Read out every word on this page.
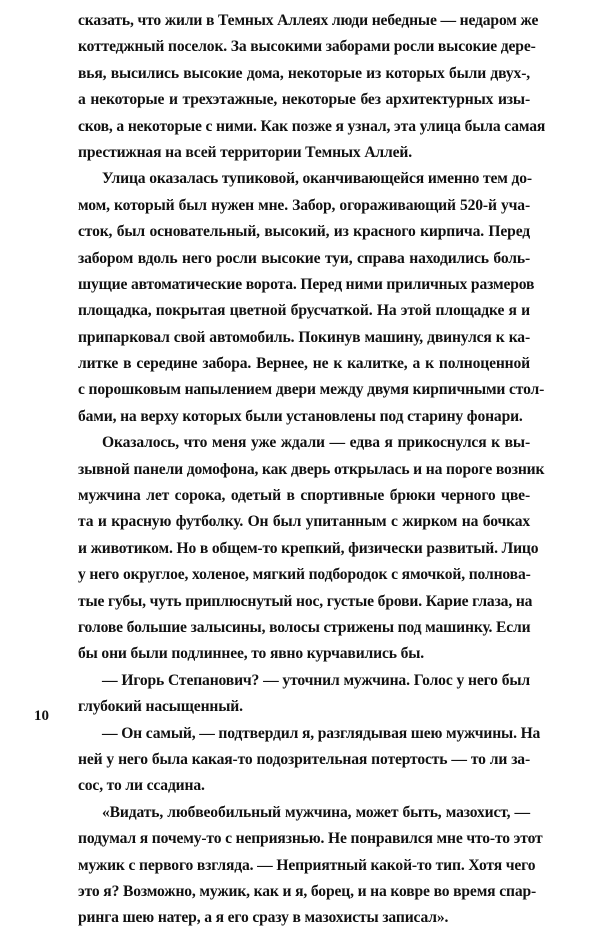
сказать, что жили в Темных Аллеях люди небедные — недаром же
коттеджный поселок. За высокими заборами росли высокие дере-
вья, высились высокие дома, некоторые из которых были двух-,
а некоторые и трехэтажные, некоторые без архитектурных изы-
сков, а некоторые с ними. Как позже я узнал, эта улица была самая
престижная на всей территории Темных Аллей.
Улица оказалась тупиковой, оканчивающейся именно тем до-
мом, который был нужен мне. Забор, огораживающий 520-й уча-
сток, был основательный, высокий, из красного кирпича. Перед
забором вдоль него росли высокие туи, справа находились боль-
шущие автоматические ворота. Перед ними приличных размеров
площадка, покрытая цветной брусчаткой. На этой площадке я и
припарковал свой автомобиль. Покинув машину, двинулся к ка-
литке в середине забора. Вернее, не к калитке, а к полноценной
с порошковым напылением двери между двумя кирпичными стол-
бами, на верху которых были установлены под старину фонари.
Оказалось, что меня уже ждали — едва я прикоснулся к вы-
зывной панели домофона, как дверь открылась и на пороге возник
мужчина лет сорока, одетый в спортивные брюки черного цве-
та и красную футболку. Он был упитанным с жирком на бочках
и животиком. Но в общем-то крепкий, физически развитый. Лицо
у него округлое, холеное, мягкий подбородок с ямочкой, полнова-
тые губы, чуть приплюснутый нос, густые брови. Карие глаза, на
голове большие залысины, волосы стрижены под машинку. Если
бы они были подлиннее, то явно курчавились бы.
— Игорь Степанович? — уточнил мужчина. Голос у него был
глубокий насыщенный.
— Он самый, — подтвердил я, разглядывая шею мужчины. На
ней у него была какая-то подозрительная потертость — то ли за-
сос, то ли ссадина.
«Видать, любвеобильный мужчина, может быть, мазохист, —
подумал я почему-то с неприязнью. Не понравился мне что-то этот
мужик с первого взгляда. — Неприятный какой-то тип. Хотя чего
это я? Возможно, мужик, как и я, борец, и на ковре во время спар-
ринга шею натер, а я его сразу в мазохисты записал».
10
